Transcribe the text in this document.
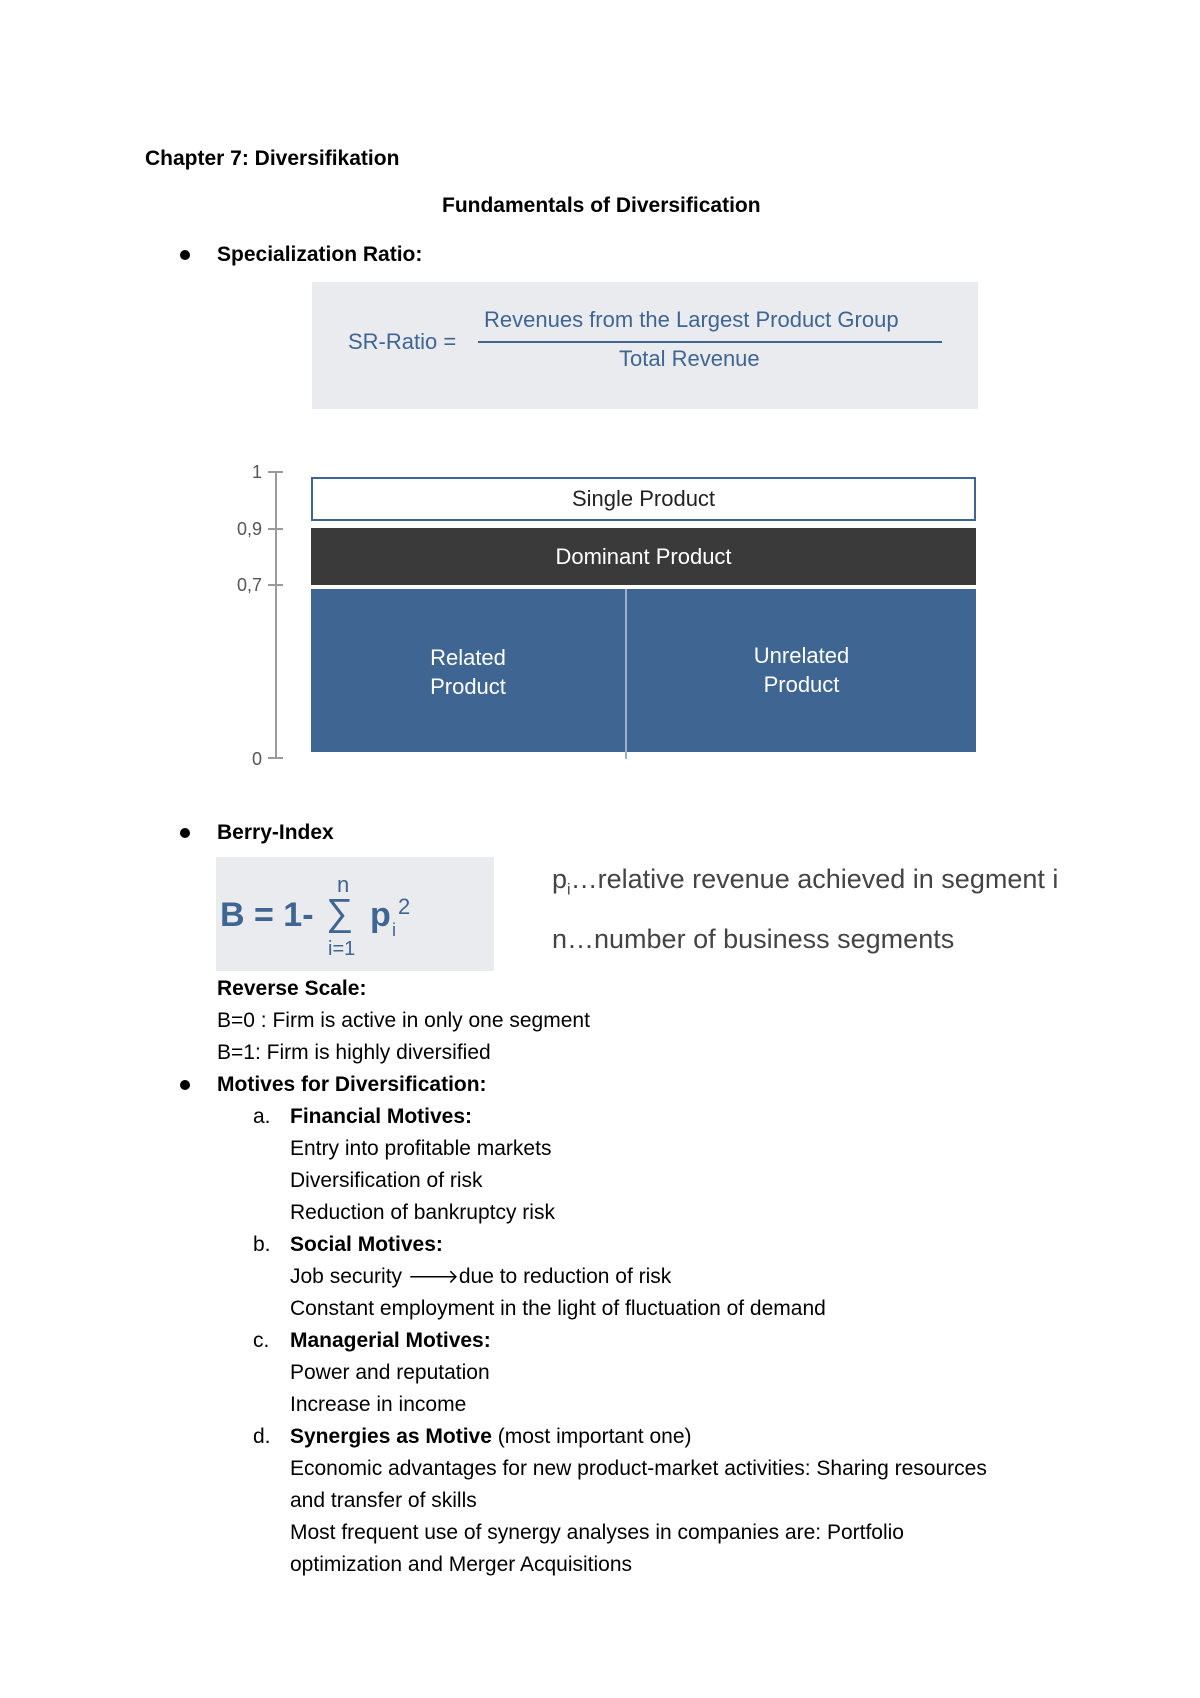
Chapter 7: Diversifikation
Fundamentals of Diversification
Specialization Ratio:
SR-Ratio =
Revenues from the Largest Product Group
Total Revenue
1
0,9
0,7
0
Single Product
Dominant Product
Related
Product
Unrelated
Product
Berry-Index
B = 1-
n
∑
i=1
p i
2
$p_i\dots relative$ revenue achieved in segment i
n…number of business segments
Reverse Scale:
B=0 : Firm is active in only one segment
B=1: Firm is highly diversified
Motives for Diversification:
a. Financial Motives:
Entry into profitable markets
Diversification of risk
Reduction of bankruptcy risk
b. Social Motives:
Job security 🡒due to reduction of risk
Constant employment in the light of fluctuation of demand
c. Managerial Motives:
Power and reputation
Increase in income
d. Synergies as Motive (most important one)
Economic advantages for new product-market activities: Sharing resources
and transfer of skills
Most frequent use of synergy analyses in companies are: Portfolio
optimization and Merger Acquisitions
